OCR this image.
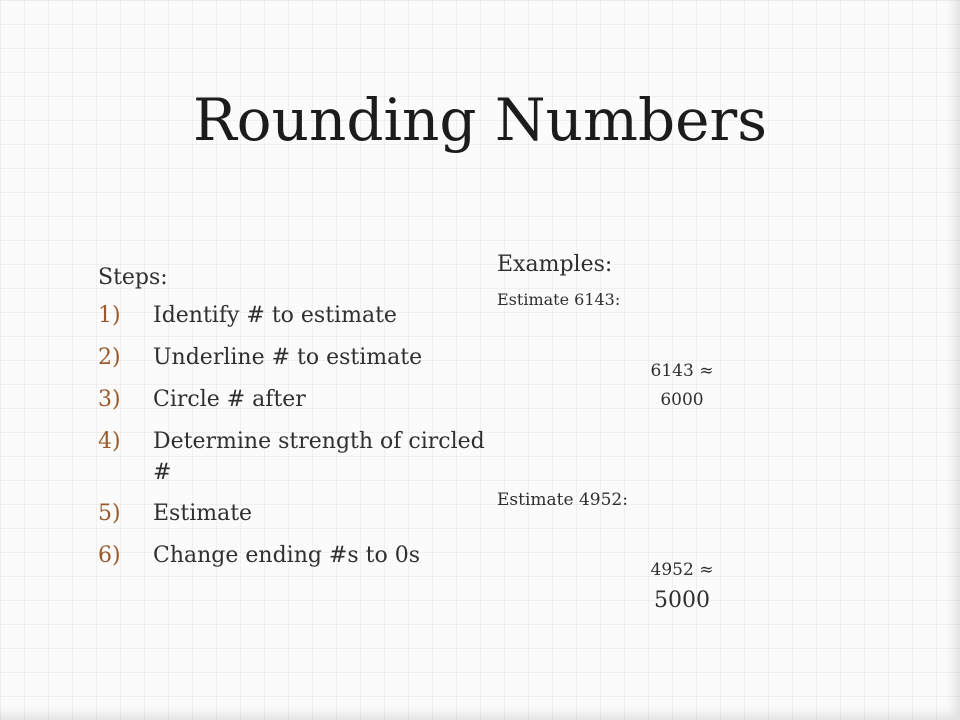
Rounding Numbers
Steps:
1)	Identify # to estimate
2)	Underline # to estimate
3)	Circle # after
4)	Determine strength of circled #
5)	Estimate
6)	Change ending #s to 0s
Examples:
Estimate 6143:
6143 ≈
6000
Estimate 4952:
4952 ≈
5000
